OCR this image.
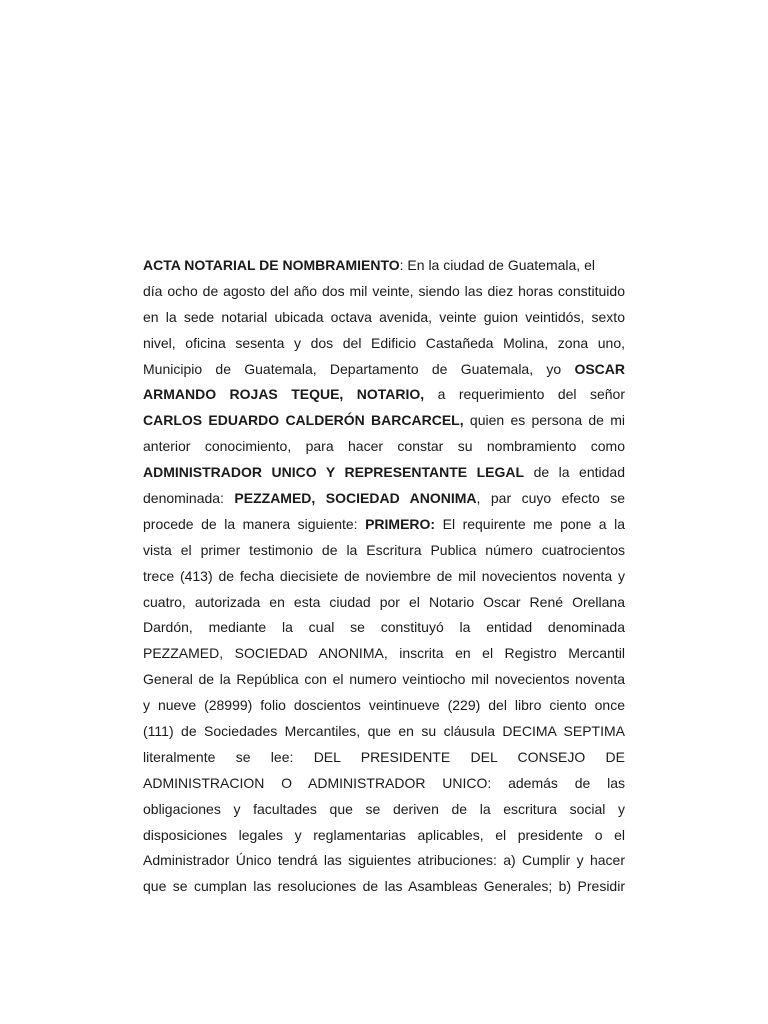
ACTA NOTARIAL DE NOMBRAMIENTO: En la ciudad de Guatemala, el
día ocho de agosto del año dos mil veinte, siendo las diez horas constituido
en la sede notarial ubicada octava avenida, veinte guion veintidós, sexto
nivel, oficina sesenta y dos del Edificio Castañeda Molina, zona uno,
Municipio de Guatemala, Departamento de Guatemala, yo OSCAR
ARMANDO ROJAS TEQUE, NOTARIO, a requerimiento del señor
CARLOS EDUARDO CALDERÓN BARCARCEL, quien es persona de mi
anterior conocimiento, para hacer constar su nombramiento como
ADMINISTRADOR UNICO Y REPRESENTANTE LEGAL de la entidad
denominada: PEZZAMED, SOCIEDAD ANONIMA, par cuyo efecto se
procede de la manera siguiente: PRIMERO: El requirente me pone a la
vista el primer testimonio de la Escritura Publica número cuatrocientos
trece (413) de fecha diecisiete de noviembre de mil novecientos noventa y
cuatro, autorizada en esta ciudad por el Notario Oscar René Orellana
Dardón, mediante la cual se constituyó la entidad denominada
PEZZAMED, SOCIEDAD ANONIMA, inscrita en el Registro Mercantil
General de la República con el numero veintiocho mil novecientos noventa
y nueve (28999) folio doscientos veintinueve (229) del libro ciento once
(111) de Sociedades Mercantiles, que en su cláusula DECIMA SEPTIMA
literalmente se lee: DEL PRESIDENTE DEL CONSEJO DE
ADMINISTRACION O ADMINISTRADOR UNICO: además de las
obligaciones y facultades que se deriven de la escritura social y
disposiciones legales y reglamentarias aplicables, el presidente o el
Administrador Único tendrá las siguientes atribuciones: a) Cumplir y hacer
que se cumplan las resoluciones de las Asambleas Generales; b) Presidir
